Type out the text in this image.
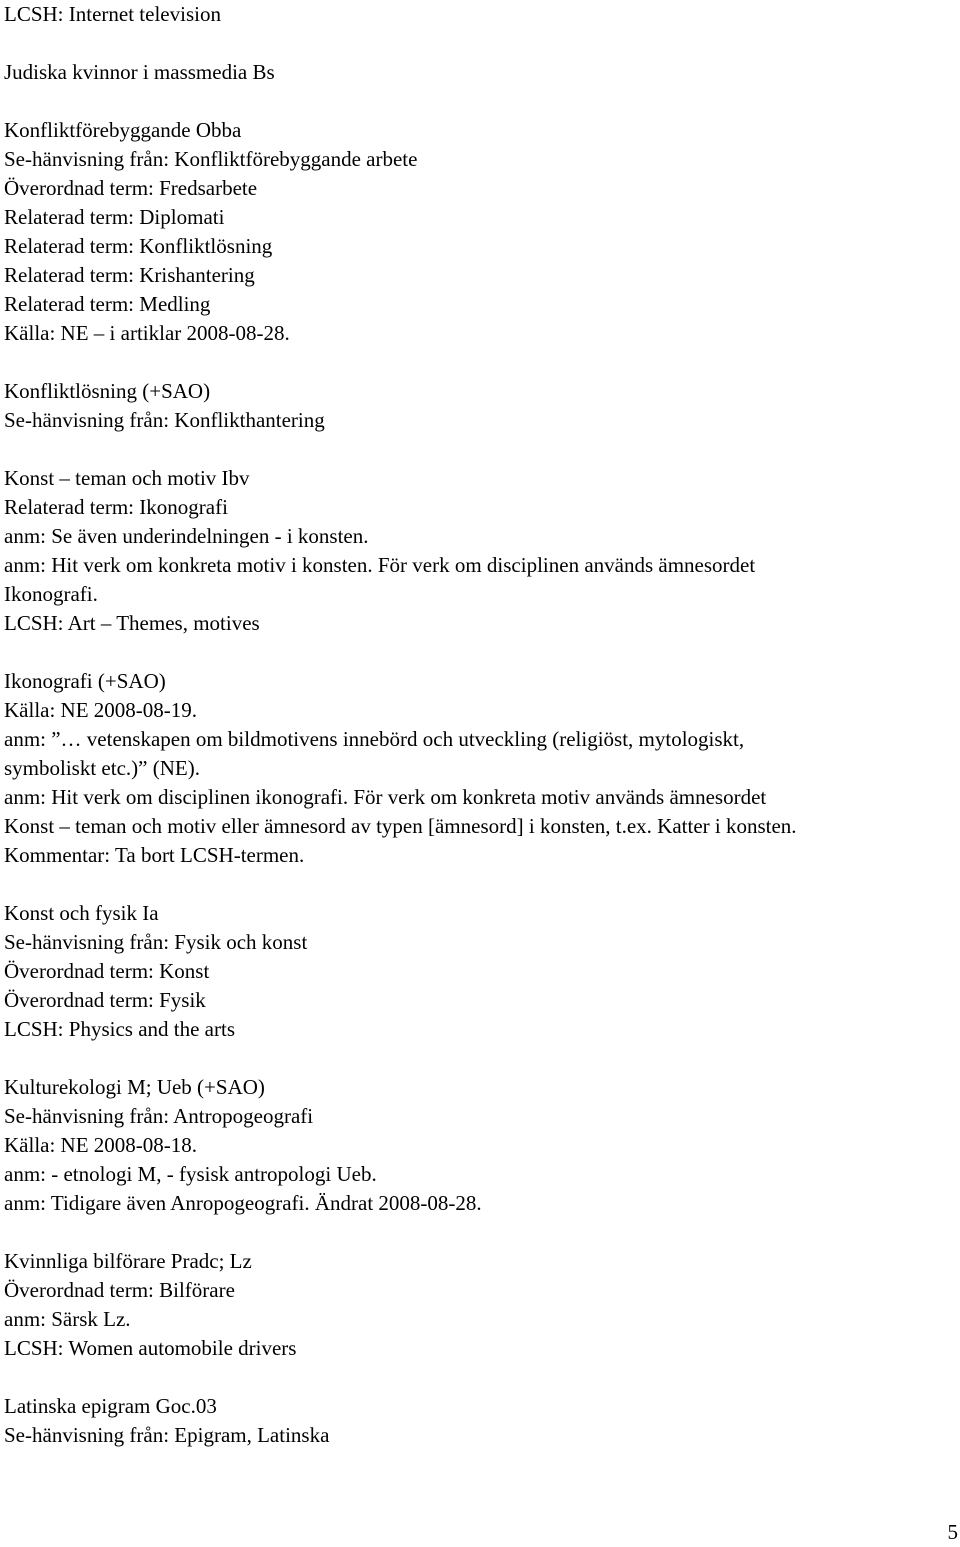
LCSH: Internet television
Judiska kvinnor i massmedia Bs
Konfliktförebyggande Obba
Se-hänvisning från: Konfliktförebyggande arbete
Överordnad term: Fredsarbete
Relaterad term: Diplomati
Relaterad term: Konfliktlösning
Relaterad term: Krishantering
Relaterad term: Medling
Källa: NE – i artiklar 2008-08-28.
Konfliktlösning (+SAO)
Se-hänvisning från: Konflikthantering
Konst – teman och motiv Ibv
Relaterad term: Ikonografi
anm: Se även underindelningen - i konsten.
anm: Hit verk om konkreta motiv i konsten. För verk om disciplinen används ämnesordet
Ikonografi.
LCSH: Art – Themes, motives
Ikonografi (+SAO)
Källa: NE 2008-08-19.
anm: ”… vetenskapen om bildmotivens innebörd och utveckling (religiöst, mytologiskt,
symboliskt etc.)” (NE).
anm: Hit verk om disciplinen ikonografi. För verk om konkreta motiv används ämnesordet
Konst – teman och motiv eller ämnesord av typen [ämnesord] i konsten, t.ex. Katter i konsten.
Kommentar: Ta bort LCSH-termen.
Konst och fysik Ia
Se-hänvisning från: Fysik och konst
Överordnad term: Konst
Överordnad term: Fysik
LCSH: Physics and the arts
Kulturekologi M; Ueb (+SAO)
Se-hänvisning från: Antropogeografi
Källa: NE 2008-08-18.
anm: - etnologi M, - fysisk antropologi Ueb.
anm: Tidigare även Anropogeografi. Ändrat 2008-08-28.
Kvinnliga bilförare Pradc; Lz
Överordnad term: Bilförare
anm: Särsk Lz.
LCSH: Women automobile drivers
Latinska epigram Goc.03
Se-hänvisning från: Epigram, Latinska
5
